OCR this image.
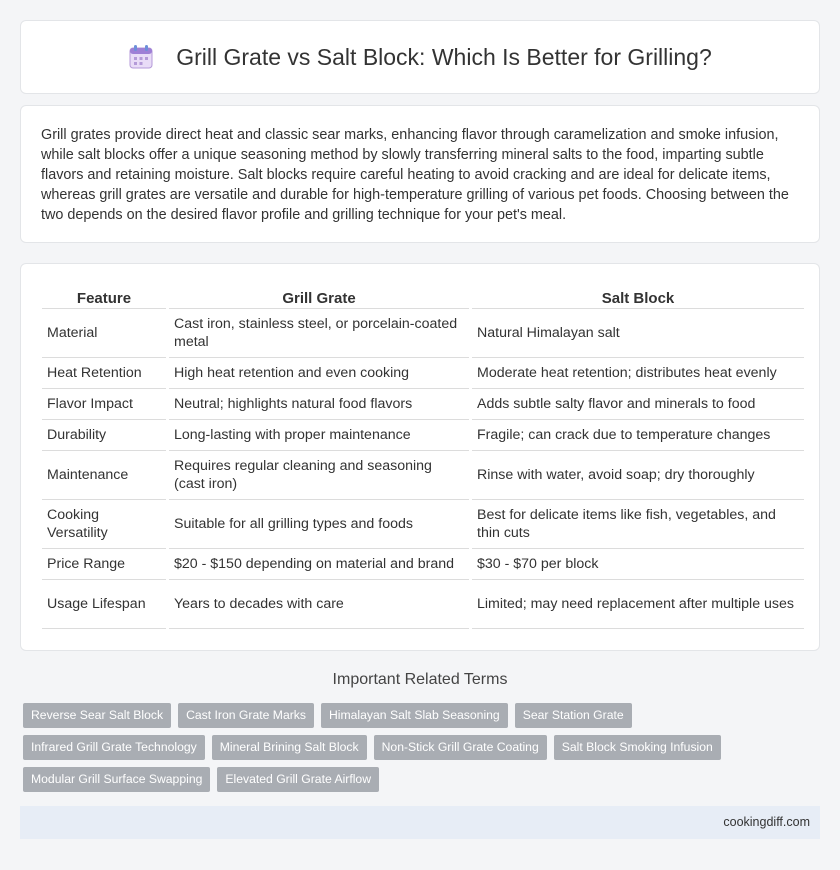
Grill Grate vs Salt Block: Which Is Better for Grilling?

Grill grates provide direct heat and classic sear marks, enhancing flavor through caramelization and smoke infusion, while salt blocks offer a unique seasoning method by slowly transferring mineral salts to the food, imparting subtle flavors and retaining moisture. Salt blocks require careful heating to avoid cracking and are ideal for delicate items, whereas grill grates are versatile and durable for high-temperature grilling of various pet foods. Choosing between the two depends on the desired flavor profile and grilling technique for your pet's meal.

Feature	Grill Grate	Salt Block
Material	Cast iron, stainless steel, or porcelain-coated metal	Natural Himalayan salt
Heat Retention	High heat retention and even cooking	Moderate heat retention; distributes heat evenly
Flavor Impact	Neutral; highlights natural food flavors	Adds subtle salty flavor and minerals to food
Durability	Long-lasting with proper maintenance	Fragile; can crack due to temperature changes
Maintenance	Requires regular cleaning and seasoning (cast iron)	Rinse with water, avoid soap; dry thoroughly
Cooking Versatility	Suitable for all grilling types and foods	Best for delicate items like fish, vegetables, and thin cuts
Price Range	$20 - $150 depending on material and brand	$30 - $70 per block
Usage Lifespan	Years to decades with care	Limited; may need replacement after multiple uses
Important Related Terms
Reverse Sear Salt Block	Cast Iron Grate Marks	Himalayan Salt Slab Seasoning	Sear Station Grate
Infrared Grill Grate Technology	Mineral Brining Salt Block	Non-Stick Grill Grate Coating	Salt Block Smoking Infusion
Modular Grill Surface Swapping	Elevated Grill Grate Airflow
cookingdiff.com
